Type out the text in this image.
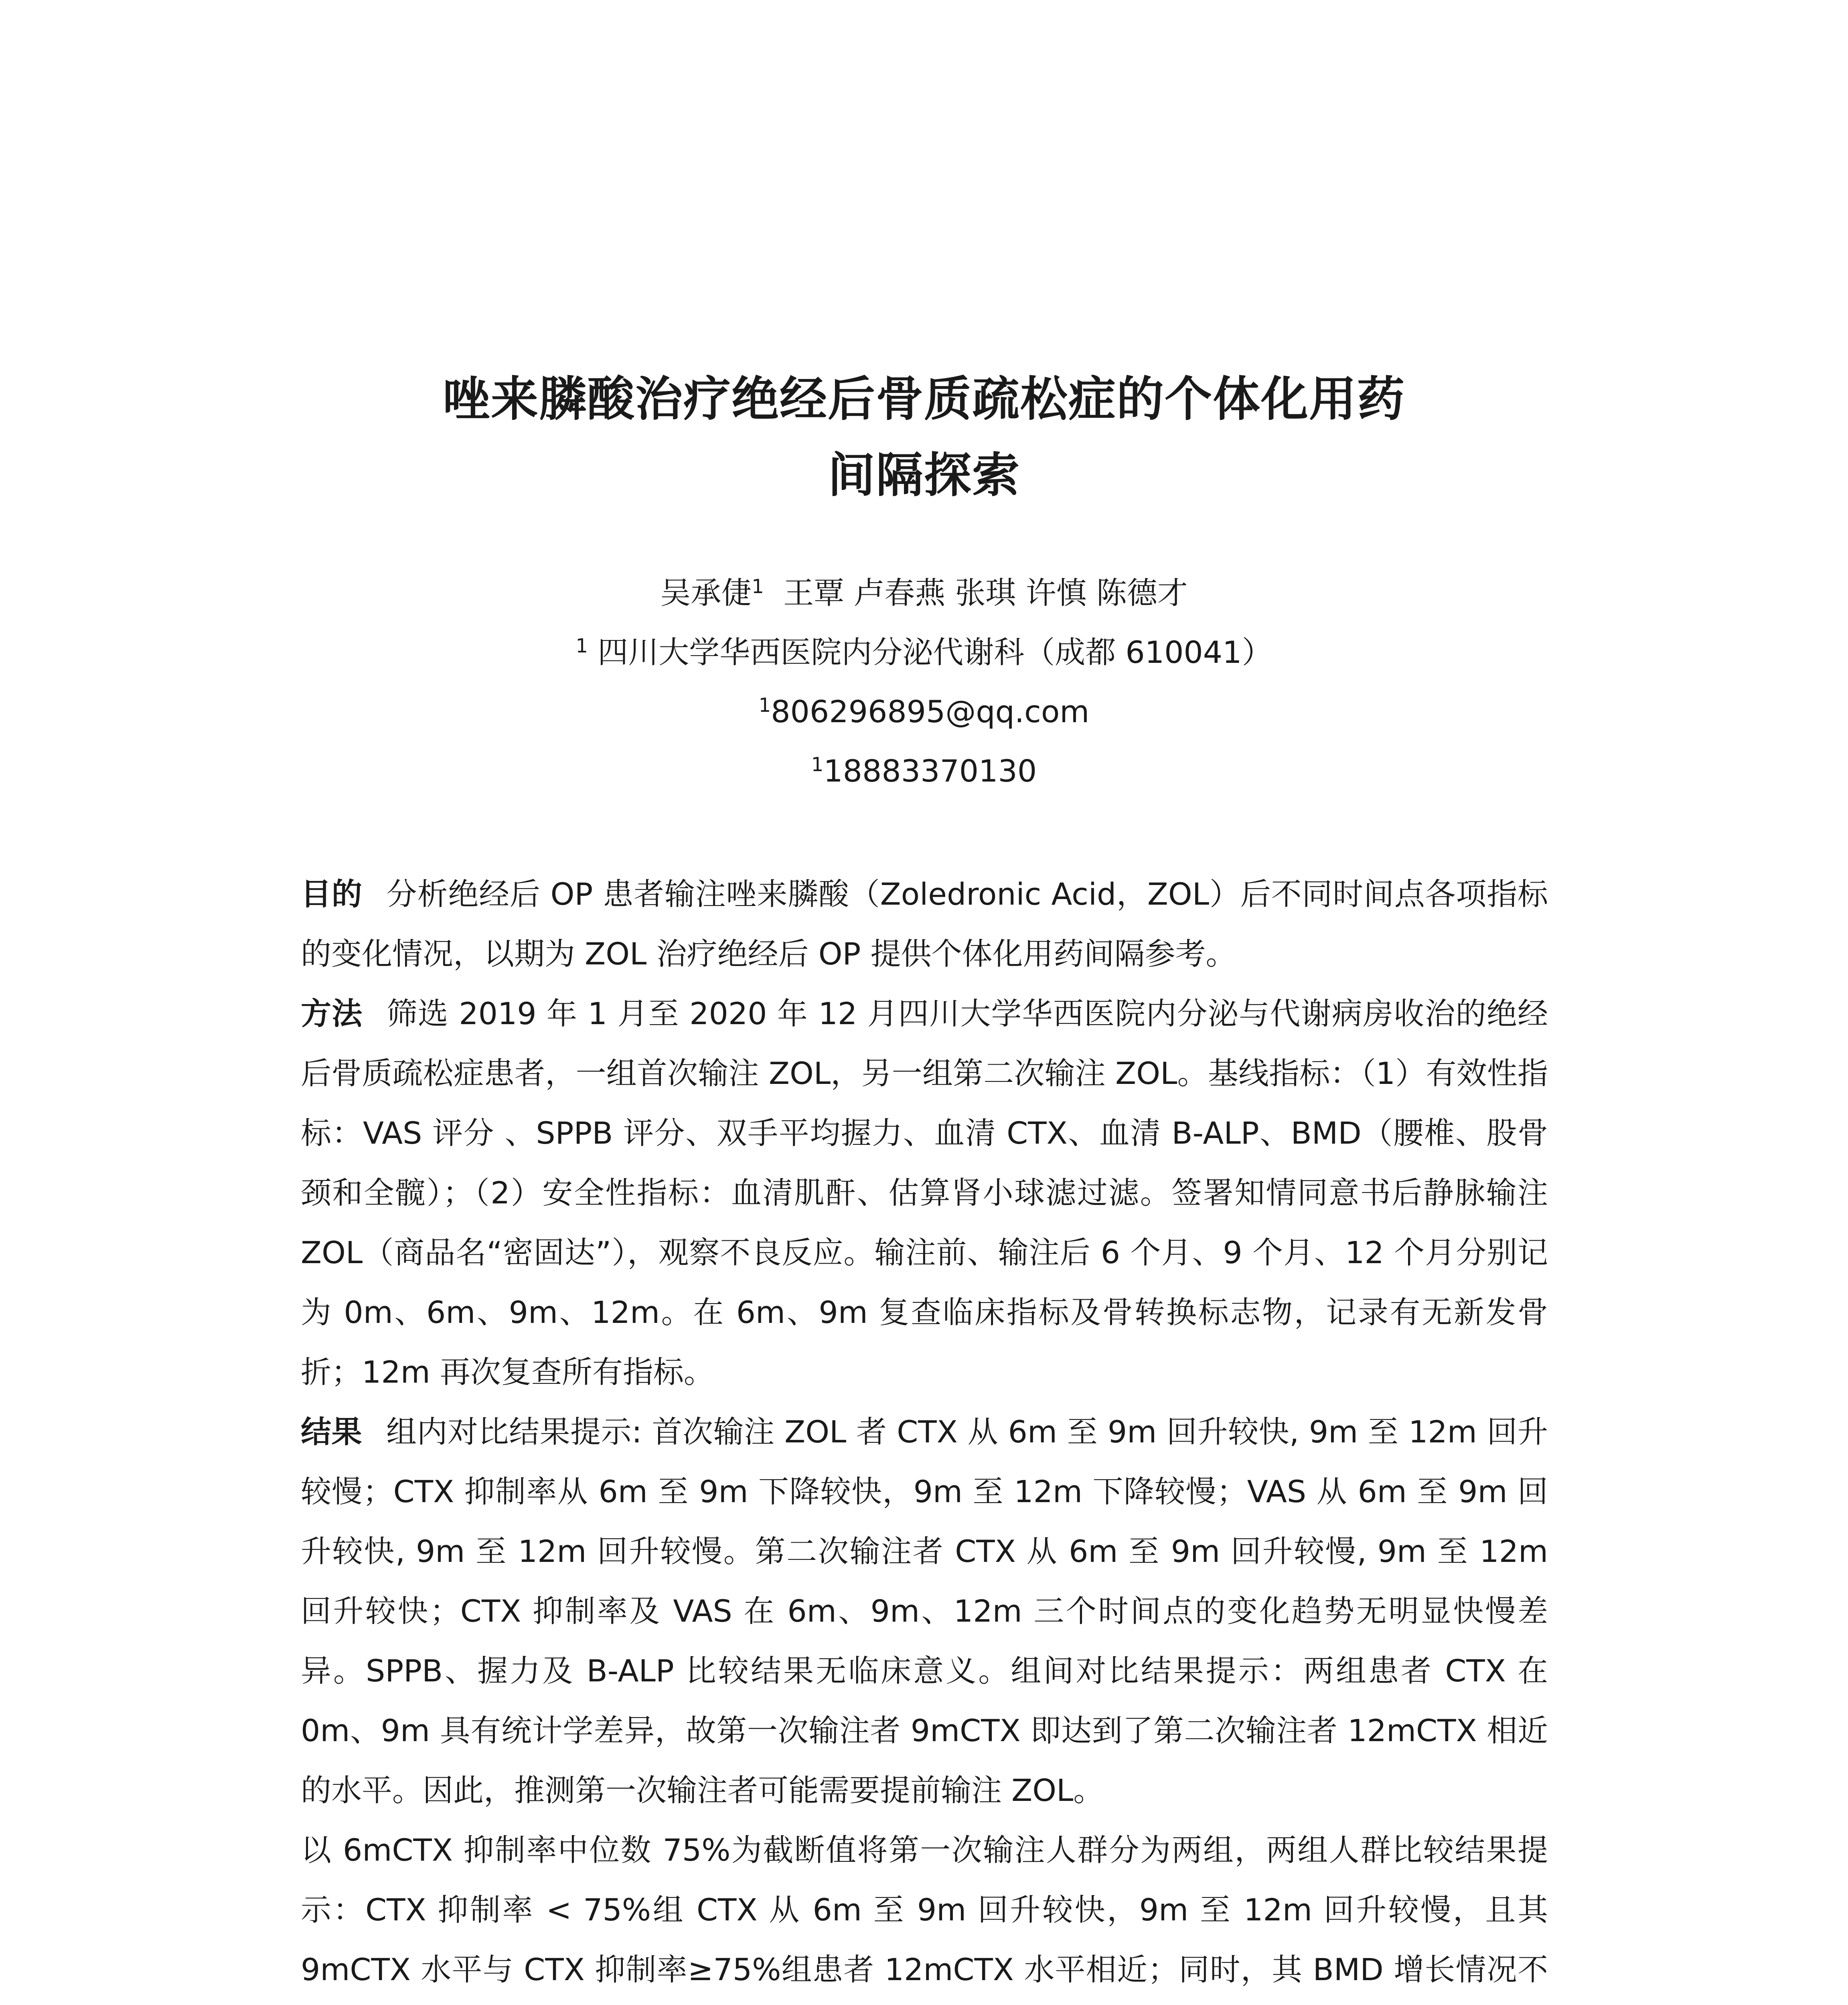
唑来膦酸治疗绝经后骨质疏松症的个体化用药
间隔探索
吴承倢$^1$ 王覃 卢春燕 张琪 许慎 陈德才
$^1$ 四川大学华西医院内分泌代谢科（成都 610041）
$^1$806296895@qq.com
$^1$18883370130

目的 分析绝经后 OP 患者输注唑来膦酸（Zoledronic Acid，ZOL）后不同时间点各项指标的变化情况，以期为 ZOL 治疗绝经后 OP 提供个体化用药间隔参考。

方法 筛选 2019 年 1 月至 2020 年 12 月四川大学华西医院内分泌与代谢病房收治的绝经后骨质疏松症患者，一组首次输注 ZOL，另一组第二次输注 ZOL。基线指标：（1）有效性指标：VAS 评分 、SPPB 评分、双手平均握力、血清 CTX、血清 B-ALP、BMD（腰椎、股骨颈和全髋）；（2）安全性指标：血清肌酐、估算肾小球滤过滤。签署知情同意书后静脉输注 ZOL（商品名“密固达”），观察不良反应。输注前、输注后 6 个月、9 个月、12 个月分别记为 0m、6m、9m、12m。在 6m、9m 复查临床指标及骨转换标志物，记录有无新发骨折；12m 再次复查所有指标。

结果 组内对比结果提示: 首次输注 ZOL 者 CTX 从 6m 至 9m 回升较快, 9m 至 12m 回升较慢；CTX 抑制率从 6m 至 9m 下降较快，9m 至 12m 下降较慢；VAS 从 6m 至 9m 回升较快, 9m 至 12m 回升较慢。第二次输注者 CTX 从 6m 至 9m 回升较慢, 9m 至 12m 回升较快；CTX 抑制率及 VAS 在 6m、9m、12m 三个时间点的变化趋势无明显快慢差异。SPPB、握力及 B-ALP 比较结果无临床意义。组间对比结果提示：两组患者 CTX 在 0m、9m 具有统计学差异，故第一次输注者 9mCTX 即达到了第二次输注者 12mCTX 相近的水平。因此，推测第一次输注者可能需要提前输注 ZOL。

以 6mCTX 抑制率中位数 75%为截断值将第一次输注人群分为两组，两组人群比较结果提示：CTX 抑制率 < 75%组 CTX 从 6m 至 9m 回升较快，9m 至 12m 回升较慢，且其 9mCTX 水平与 CTX 抑制率≥75%组患者 12mCTX 水平相近；同时，其 BMD 增长情况不
